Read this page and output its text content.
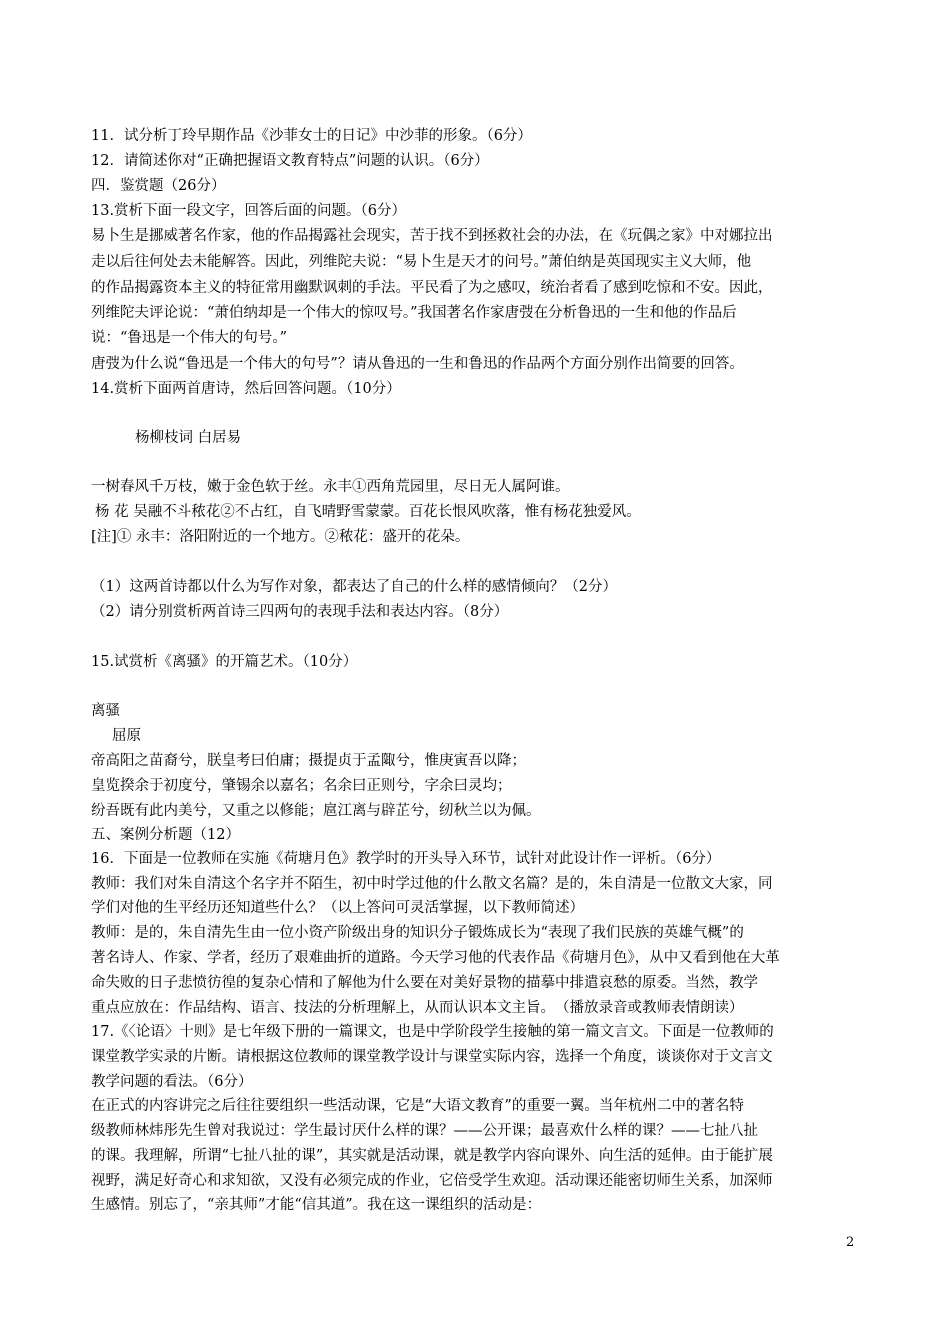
11．试分析丁玲早期作品《沙菲女士的日记》中沙菲的形象。（6分）
12．请简述你对“正确把握语文教育特点”问题的认识。（6分）
四．鉴赏题（26分）
13.赏析下面一段文字，回答后面的问题。（6分）
易卜生是挪威著名作家，他的作品揭露社会现实，苦于找不到拯救社会的办法，在《玩偶之家》中对娜拉出
走以后往何处去未能解答。因此，列维陀夫说：“易卜生是天才的问号。”萧伯纳是英国现实主义大师，他
的作品揭露资本主义的特征常用幽默讽刺的手法。平民看了为之感叹，统治者看了感到吃惊和不安。因此，
列维陀夫评论说：“萧伯纳却是一个伟大的惊叹号。”我国著名作家唐弢在分析鲁迅的一生和他的作品后
说：“鲁迅是一个伟大的句号。”
唐弢为什么说“鲁迅是一个伟大的句号”？请从鲁迅的一生和鲁迅的作品两个方面分别作出简要的回答。
14.赏析下面两首唐诗，然后回答问题。（10分）
杨柳枝词 白居易
一树春风千万枝，嫩于金色软于丝。永丰①西角荒园里，尽日无人属阿谁。
杨 花 吴融不斗秾花②不占红，自飞晴野雪蒙蒙。百花长恨风吹落，惟有杨花独爱风。
[注]① 永丰：洛阳附近的一个地方。②秾花：盛开的花朵。
（1）这两首诗都以什么为写作对象，都表达了自己的什么样的感情倾向？（2分）
（2）请分别赏析两首诗三四两句的表现手法和表达内容。（8分）
15.试赏析《离骚》的开篇艺术。（10分）
离骚
屈原
帝高阳之苗裔兮，朕皇考曰伯庸；摄提贞于孟陬兮，惟庚寅吾以降；
皇览揆余于初度兮，肇锡余以嘉名；名余曰正则兮，字余曰灵均；
纷吾既有此内美兮，又重之以修能；扈江离与辟芷兮，纫秋兰以为佩。
五、案例分析题（12）
16．下面是一位教师在实施《荷塘月色》教学时的开头导入环节，试针对此设计作一评析。（6分）
教师：我们对朱自清这个名字并不陌生，初中时学过他的什么散文名篇？是的，朱自清是一位散文大家，同
学们对他的生平经历还知道些什么？（以上答问可灵活掌握，以下教师简述）
教师：是的，朱自清先生由一位小资产阶级出身的知识分子锻炼成长为“表现了我们民族的英雄气概”的
著名诗人、作家、学者，经历了艰难曲折的道路。今天学习他的代表作品《荷塘月色》，从中又看到他在大革
命失败的日子悲愤彷徨的复杂心情和了解他为什么要在对美好景物的描摹中排遣哀愁的原委。当然，教学
重点应放在：作品结构、语言、技法的分析理解上，从而认识本文主旨。　（播放录音或教师表情朗读）
17.《〈论语〉十则》是七年级下册的一篇课文，也是中学阶段学生接触的第一篇文言文。下面是一位教师的
课堂教学实录的片断。请根据这位教师的课堂教学设计与课堂实际内容，选择一个角度，谈谈你对于文言文
教学问题的看法。（6分）
在正式的内容讲完之后往往要组织一些活动课，它是“大语文教育”的重要一翼。当年杭州二中的著名特
级教师林炜彤先生曾对我说过：学生最讨厌什么样的课？——公开课；最喜欢什么样的课？——七扯八扯
的课。我理解，所谓“七扯八扯的课”，其实就是活动课，就是教学内容向课外、向生活的延伸。由于能扩展
视野，满足好奇心和求知欲，又没有必须完成的作业，它倍受学生欢迎。活动课还能密切师生关系，加深师
生感情。别忘了，“亲其师”才能“信其道”。我在这一课组织的活动是：
2
